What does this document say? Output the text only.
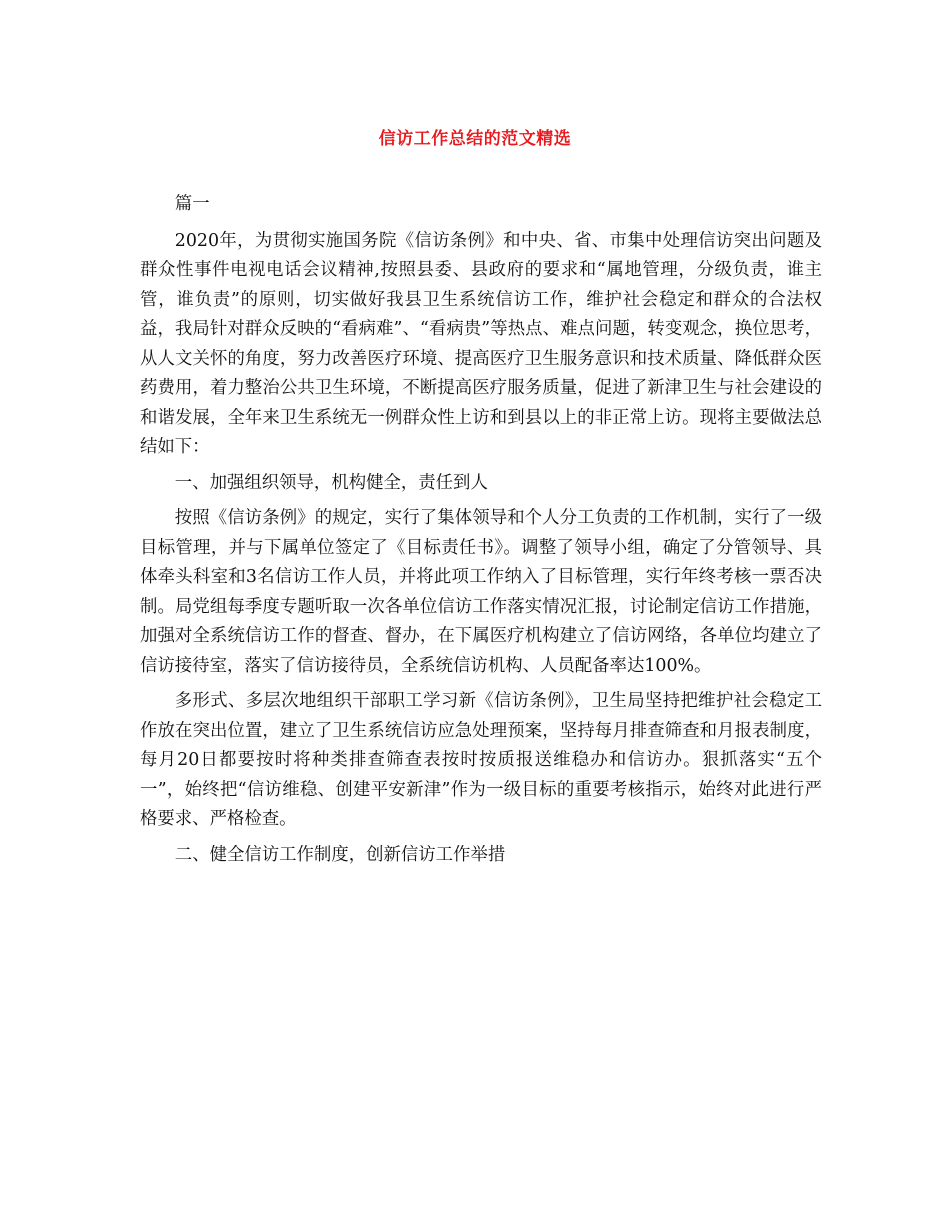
信访工作总结的范文精选

篇一

2020年，为贯彻实施国务院《信访条例》和中央、省、市集中处理信访突出问题及群众性事件电视电话会议精神,按照县委、县政府的要求和“属地管理，分级负责，谁主管，谁负责”的原则，切实做好我县卫生系统信访工作，维护社会稳定和群众的合法权益，我局针对群众反映的“看病难”、“看病贵”等热点、难点问题，转变观念，换位思考，从人文关怀的角度，努力改善医疗环境、提高医疗卫生服务意识和技术质量、降低群众医药费用，着力整治公共卫生环境，不断提高医疗服务质量，促进了新津卫生与社会建设的和谐发展，全年来卫生系统无一例群众性上访和到县以上的非正常上访。现将主要做法总结如下：

一、加强组织领导，机构健全，责任到人

按照《信访条例》的规定，实行了集体领导和个人分工负责的工作机制，实行了一级目标管理，并与下属单位签定了《目标责任书》。调整了领导小组，确定了分管领导、具体牵头科室和3名信访工作人员，并将此项工作纳入了目标管理，实行年终考核一票否决制。局党组每季度专题听取一次各单位信访工作落实情况汇报，讨论制定信访工作措施，加强对全系统信访工作的督查、督办，在下属医疗机构建立了信访网络，各单位均建立了信访接待室，落实了信访接待员，全系统信访机构、人员配备率达100%。

多形式、多层次地组织干部职工学习新《信访条例》，卫生局坚持把维护社会稳定工作放在突出位置，建立了卫生系统信访应急处理预案，坚持每月排查筛查和月报表制度，每月20日都要按时将种类排查筛查表按时按质报送维稳办和信访办。狠抓落实“五个一”，始终把“信访维稳、创建平安新津”作为一级目标的重要考核指示，始终对此进行严格要求、严格检查。

二、健全信访工作制度，创新信访工作举措
